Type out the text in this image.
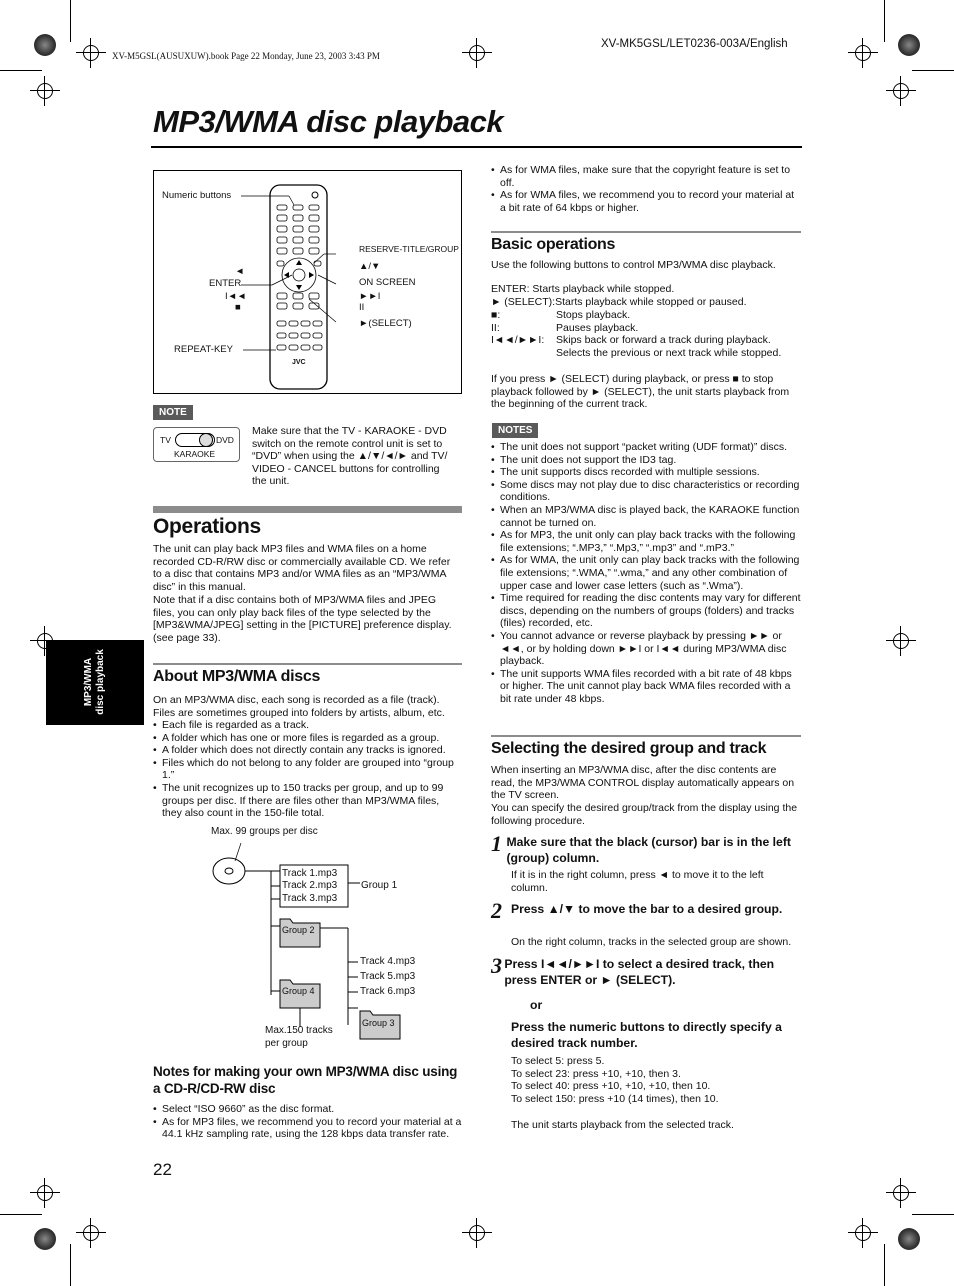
XV-M5GSL(AUSUXUW).book Page 22 Monday, June 23, 2003 3:43 PM
XV-MK5GSL/LET0236-003A/English
MP3/WMA disc playback
MP3/WMA disc playback
Numeric buttons
RESERVE-TITLE/GROUP
▲/▼
◄
ENTER	ON SCREEN
I◄◄	►►I
■	II
►(SELECT)
REPEAT-KEY
JVC
NOTE
TV	DVD
KARAOKE
Make sure that the TV - KARAOKE - DVD switch on the remote control unit is set to “DVD” when using the ▲/▼/◄/► and TV/ VIDEO - CANCEL buttons for controlling the unit.
Operations
The unit can play back MP3 files and WMA files on a home recorded CD-R/RW disc or commercially available CD. We refer to a disc that contains MP3 and/or WMA files as an “MP3/WMA disc” in this manual.
Note that if a disc contains both of MP3/WMA files and JPEG files, you can only play back files of the type selected by the [MP3&WMA/JPEG] setting in the [PICTURE] preference display. (see page 33).
About MP3/WMA discs
On an MP3/WMA disc, each song is recorded as a file (track). Files are sometimes grouped into folders by artists, album, etc.
• Each file is regarded as a track.
• A folder which has one or more files is regarded as a group.
• A folder which does not directly contain any tracks is ignored.
• Files which do not belong to any folder are grouped into “group 1.”
• The unit recognizes up to 150 tracks per group, and up to 99 groups per disc. If there are files other than MP3/WMA files, they also count in the 150-file total.
Max. 99 groups per disc
Track 1.mp3
Track 2.mp3
Track 3.mp3
Group 1
Group 2
Track 4.mp3
Track 5.mp3
Track 6.mp3
Group 4
Group 3
Max.150 tracks
per group
Notes for making your own MP3/WMA disc using a CD-R/CD-RW disc
• Select “ISO 9660” as the disc format.
• As for MP3 files, we recommend you to record your material at a 44.1 kHz sampling rate, using the 128 kbps data transfer rate.
22
• As for WMA files, make sure that the copyright feature is set to off.
• As for WMA files, we recommend you to record your material at a bit rate of 64 kbps or higher.
Basic operations
Use the following buttons to control MP3/WMA disc playback.
ENTER: Starts playback while stopped.
► (SELECT):Starts playback while stopped or paused.
■:	Stops playback.
II:	Pauses playback.
I◄◄/►►I:	Skips back or forward a track during playback.
	Selects the previous or next track while stopped.
If you press ► (SELECT) during playback, or press ■ to stop playback followed by ► (SELECT), the unit starts playback from the beginning of the current track.
NOTES
• The unit does not support “packet writing (UDF format)” discs.
• The unit does not support the ID3 tag.
• The unit supports discs recorded with multiple sessions.
• Some discs may not play due to disc characteristics or recording conditions.
• When an MP3/WMA disc is played back, the KARAOKE function cannot be turned on.
• As for MP3, the unit only can play back tracks with the following file extensions; “.MP3,” “.Mp3,” “.mp3” and “.mP3.”
• As for WMA, the unit only can play back tracks with the following file extensions; “.WMA,” “.wma,” and any other combination of upper case and lower case letters (such as “.Wma”).
• Time required for reading the disc contents may vary for different discs, depending on the numbers of groups (folders) and tracks (files) recorded, etc.
• You cannot advance or reverse playback by pressing ►► or ◄◄, or by holding down ►►I or I◄◄ during MP3/WMA disc playback.
• The unit supports WMA files recorded with a bit rate of 48 kbps or higher. The unit cannot play back WMA files recorded with a bit rate under 48 kbps.
Selecting the desired group and track
When inserting an MP3/WMA disc, after the disc contents are read, the MP3/WMA CONTROL display automatically appears on the TV screen.
You can specify the desired group/track from the display using the following procedure.
1 Make sure that the black (cursor) bar is in the left (group) column.
If it is in the right column, press ◄ to move it to the left column.
2 Press ▲/▼ to move the bar to a desired group.
On the right column, tracks in the selected group are shown.
3 Press I◄◄/►►I to select a desired track, then press ENTER or ► (SELECT).
or
Press the numeric buttons to directly specify a desired track number.
To select 5: press 5.
To select 23: press +10, +10, then 3.
To select 40: press +10, +10, +10, then 10.
To select 150: press +10 (14 times), then 10.
The unit starts playback from the selected track.
